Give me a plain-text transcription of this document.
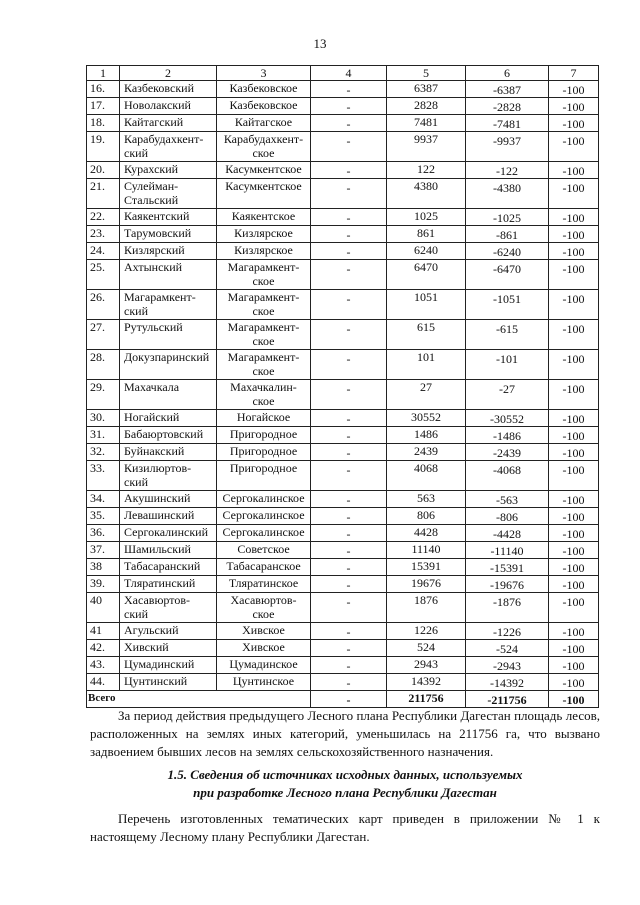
13
1	2	3	4	5	6	7

16.	Казбековский	Казбековское	-	6387	-6387	-100

17.	Новолакский	Казбековское	-	2828	-2828	-100

18.	Кайтагский	Кайтагское	-	7481	-7481	-100

19.	Карабудахкент-
ский	Карабудахкент-
ское	-	9937	-9937	-100

20.	Курахский	Касумкентское	-	122	-122	-100

21.	Сулейман-
Стальский	Касумкентское	-	4380	-4380	-100

22.	Каякентский	Каякентское	-	1025	-1025	-100

23.	Тарумовский	Кизлярское	-	861	-861	-100

24.	Кизлярский	Кизлярское	-	6240	-6240	-100

25.	Ахтынский	Магарамкент-
ское	-	6470	-6470	-100

26.	Магарамкент-
ский	Магарамкент-
ское	-	1051	-1051	-100

27.	Рутульский	Магарамкент-
ское	-	615	-615	-100

28.	Докузпаринский	Магарамкент-
ское	-	101	-101	-100

29.	Махачкала	Махачкалин-
ское	-	27	-27	-100

30.	Ногайский	Ногайское	-	30552	-30552	-100

31.	Бабаюртовский	Пригородное	-	1486	-1486	-100

32.	Буйнакский	Пригородное	-	2439	-2439	-100

33.	Кизилюртов-
ский	Пригородное	-	4068	-4068	-100

34.	Акушинский	Сергокалинское	-	563	-563	-100

35.	Левашинский	Сергокалинское	-	806	-806	-100

36.	Сергокалинский	Сергокалинское	-	4428	-4428	-100

37.	Шамильский	Советское	-	11140	-11140	-100

38	Табасаранский	Табасаранское	-	15391	-15391	-100

39.	Тляратинский	Тляратинское	-	19676	-19676	-100

40	Хасавюртов-
ский	Хасавюртов-
ское	-	1876	-1876	-100

41	Агульский	Хивское	-	1226	-1226	-100

42.	Хивский	Хивское	-	524	-524	-100

43.	Цумадинский	Цумадинское	-	2943	-2943	-100

44.	Цунтинский	Цунтинское	-	14392	-14392	-100

Всего			-	211756	-211756	-100

За период действия предыдущего Лесного плана Республики Дагестан площадь лесов, расположенных на землях иных категорий, уменьшилась на 211756 га, что вызвано задвоением бывших лесов на землях сельскохозяйственного назначения.

1.5. Сведения об источниках исходных данных, используемых
при разработке Лесного плана Республики Дагестан

Перечень изготовленных тематических карт приведен в приложении № 1 к настоящему Лесному плану Республики Дагестан.
